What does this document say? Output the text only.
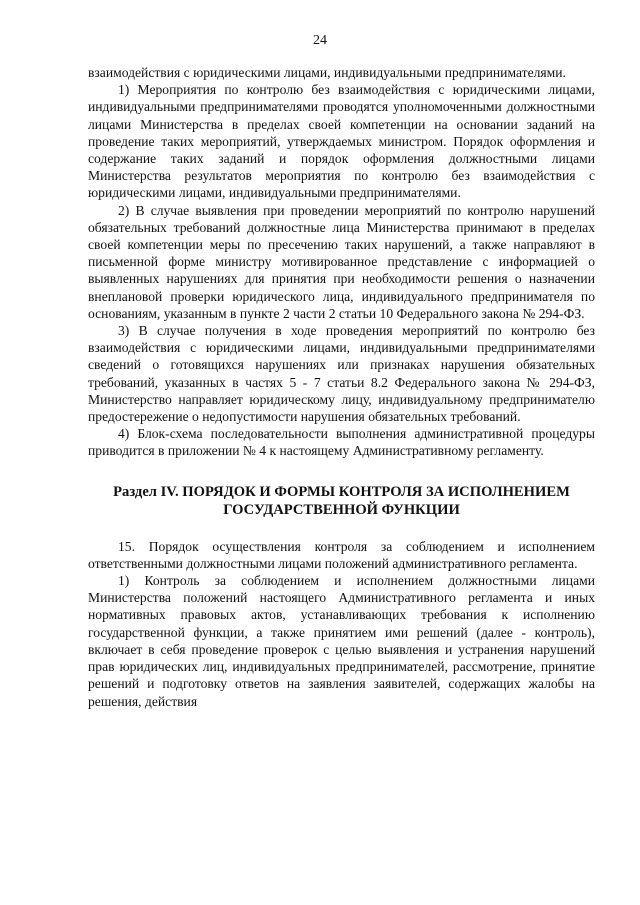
24

взаимодействия с юридическими лицами, индивидуальными предпринимателями.

1) Мероприятия по контролю без взаимодействия с юридическими лицами, индивидуальными предпринимателями проводятся уполномоченными должностными лицами Министерства в пределах своей компетенции на основании заданий на проведение таких мероприятий, утверждаемых министром. Порядок оформления и содержание таких заданий и порядок оформления должностными лицами Министерства результатов мероприятия по контролю без взаимодействия с юридическими лицами, индивидуальными предпринимателями.

2) В случае выявления при проведении мероприятий по контролю нарушений обязательных требований должностные лица Министерства принимают в пределах своей компетенции меры по пресечению таких нарушений, а также направляют в письменной форме министру мотивированное представление с информацией о выявленных нарушениях для принятия при необходимости решения о назначении внеплановой проверки юридического лица, индивидуального предпринимателя по основаниям, указанным в пункте 2 части 2 статьи 10 Федерального закона № 294-ФЗ.

3) В случае получения в ходе проведения мероприятий по контролю без взаимодействия с юридическими лицами, индивидуальными предпринимателями сведений о готовящихся нарушениях или признаках нарушения обязательных требований, указанных в частях 5 - 7 статьи 8.2 Федерального закона № 294-ФЗ, Министерство направляет юридическому лицу, индивидуальному предпринимателю предостережение о недопустимости нарушения обязательных требований.

4) Блок-схема последовательности выполнения административной процедуры приводится в приложении № 4 к настоящему Административному регламенту.

Раздел IV. ПОРЯДОК И ФОРМЫ КОНТРОЛЯ ЗА ИСПОЛНЕНИЕМ
ГОСУДАРСТВЕННОЙ ФУНКЦИИ

15. Порядок осуществления контроля за соблюдением и исполнением ответственными должностными лицами положений административного регламента.

1) Контроль за соблюдением и исполнением должностными лицами Министерства положений настоящего Административного регламента и иных нормативных правовых актов, устанавливающих требования к исполнению государственной функции, а также принятием ими решений (далее - контроль), включает в себя проведение проверок с целью выявления и устранения нарушений прав юридических лиц, индивидуальных предпринимателей, рассмотрение, принятие решений и подготовку ответов на заявления заявителей, содержащих жалобы на решения, действия
